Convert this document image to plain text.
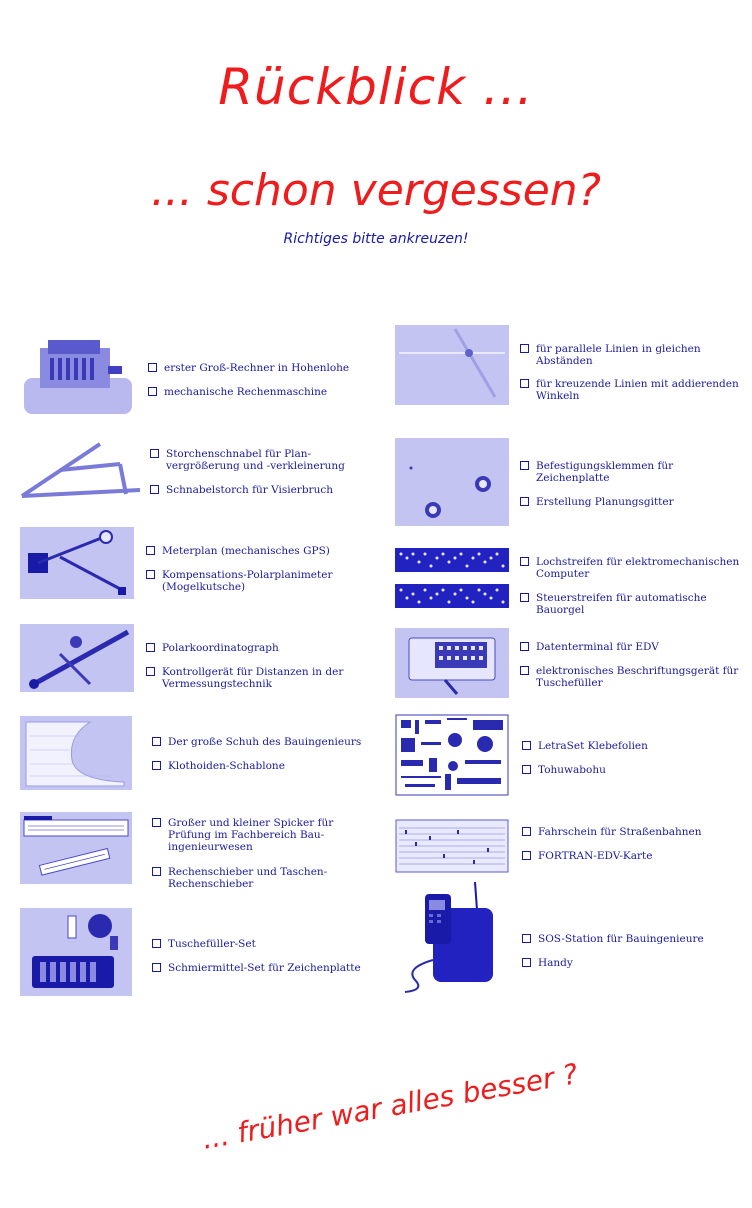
Rückblick ...
... schon vergessen?
Richtiges bitte ankreuzen!
erster Groß-Rechner in Hohenlohe
mechanische Rechenmaschine
Storchenschnabel für Plan-vergrößerung und -verkleinerung
Schnabelstorch für Visierbruch
Meterplan (mechanisches GPS)
Kompensations-Polarplanimeter (Mogelkutsche)
Polarkoordinatograph
Kontrollgerät für Distanzen in der Vermessungstechnik
Der große Schuh des Bauingenieurs
Klothoiden-Schablone
Großer und kleiner Spicker für Prüfung im Fachbereich Bau-ingenieurwesen
Rechenschieber und Taschen-Rechenschieber
Tuschefüller-Set
Schmiermittel-Set für Zeichenplatte
für parallele Linien in gleichen Abständen
für kreuzende Linien mit addierenden Winkeln
Befestigungsklemmen für Zeichenplatte
Erstellung Planungsgitter
Lochstreifen für elektromechanischen Computer
Steuerstreifen für automatische Bauorgel
Datenterminal für EDV
elektronisches Beschriftungsgerät für Tuschefüller
LetraSet Klebefolien
Tohuwabohu
Fahrschein für Straßenbahnen
FORTRAN-EDV-Karte
SOS-Station für Bauingenieure
Handy
... früher war alles besser ?
